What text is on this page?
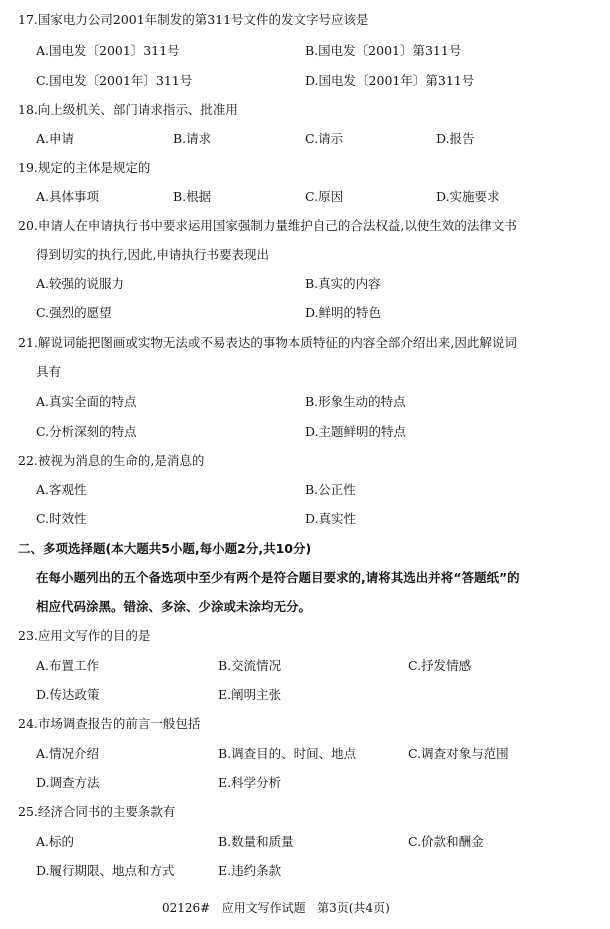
17.国家电力公司2001年制发的第311号文件的发文字号应该是
A.国电发〔2001〕311号	B.国电发〔2001〕第311号
C.国电发〔2001年〕311号	D.国电发〔2001年〕第311号
18.向上级机关、部门请求指示、批准用
A.申请	B.请求	C.请示	D.报告
19.规定的主体是规定的
A.具体事项	B.根据	C.原因	D.实施要求
20.申请人在申请执行书中要求运用国家强制力量维护自己的合法权益,以使生效的法律文书
得到切实的执行,因此,申请执行书要表现出
A.较强的说服力	B.真实的内容
C.强烈的愿望	D.鲜明的特色
21.解说词能把图画或实物无法或不易表达的事物本质特征的内容全部介绍出来,因此解说词
具有
A.真实全面的特点	B.形象生动的特点
C.分析深刻的特点	D.主题鲜明的特点
22.被视为消息的生命的,是消息的
A.客观性	B.公正性
C.时效性	D.真实性
二、多项选择题(本大题共5小题,每小题2分,共10分)
在每小题列出的五个备选项中至少有两个是符合题目要求的,请将其选出并将“答题纸”的
相应代码涂黑。错涂、多涂、少涂或未涂均无分。
23.应用文写作的目的是
A.布置工作	B.交流情况	C.抒发情感
D.传达政策	E.阐明主张
24.市场调查报告的前言一般包括
A.情况介绍	B.调查目的、时间、地点	C.调查对象与范围
D.调查方法	E.科学分析
25.经济合同书的主要条款有
A.标的	B.数量和质量	C.价款和酬金
D.履行期限、地点和方式	E.违约条款
02126#   应用文写作试题   第3页(共4页)
